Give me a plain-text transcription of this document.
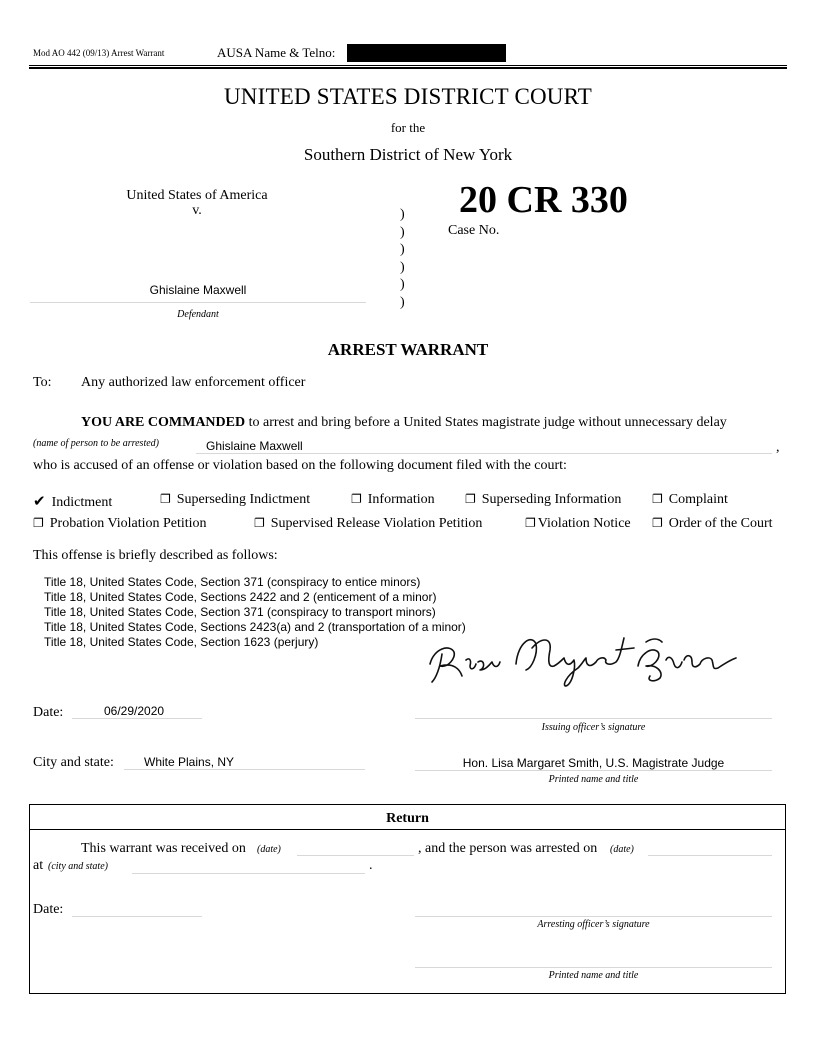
Mod AO 442 (09/13) Arrest Warrant	AUSA Name & Telno:
UNITED STATES DISTRICT COURT
for the
Southern District of New York
United States of America
v.
Ghislaine Maxwell
Defendant
)
)
)
)
)
)
20 CR 330
Case No.
ARREST WARRANT
To: Any authorized law enforcement officer
YOU ARE COMMANDED to arrest and bring before a United States magistrate judge without unnecessary delay
(name of person to be arrested)	Ghislaine Maxwell	,
who is accused of an offense or violation based on the following document filed with the court:
✔ Indictment	❐ Superseding Indictment	❐ Information	❐ Superseding Information	❐ Complaint
❐ Probation Violation Petition	❐ Supervised Release Violation Petition	❐ Violation Notice ❐ Order of the Court
This offense is briefly described as follows:
Title 18, United States Code, Section 371 (conspiracy to entice minors)
Title 18, United States Code, Sections 2422 and 2 (enticement of a minor)
Title 18, United States Code, Section 371 (conspiracy to transport minors)
Title 18, United States Code, Sections 2423(a) and 2 (transportation of a minor)
Title 18, United States Code, Section 1623 (perjury)
Date:	06/29/2020
Issuing officer’s signature
City and state:	White Plains, NY	Hon. Lisa Margaret Smith, U.S. Magistrate Judge
Printed name and title
Return
This warrant was received on (date)	, and the person was arrested on (date)
at (city and state)	.
Date:
Arresting officer’s signature
Printed name and title
